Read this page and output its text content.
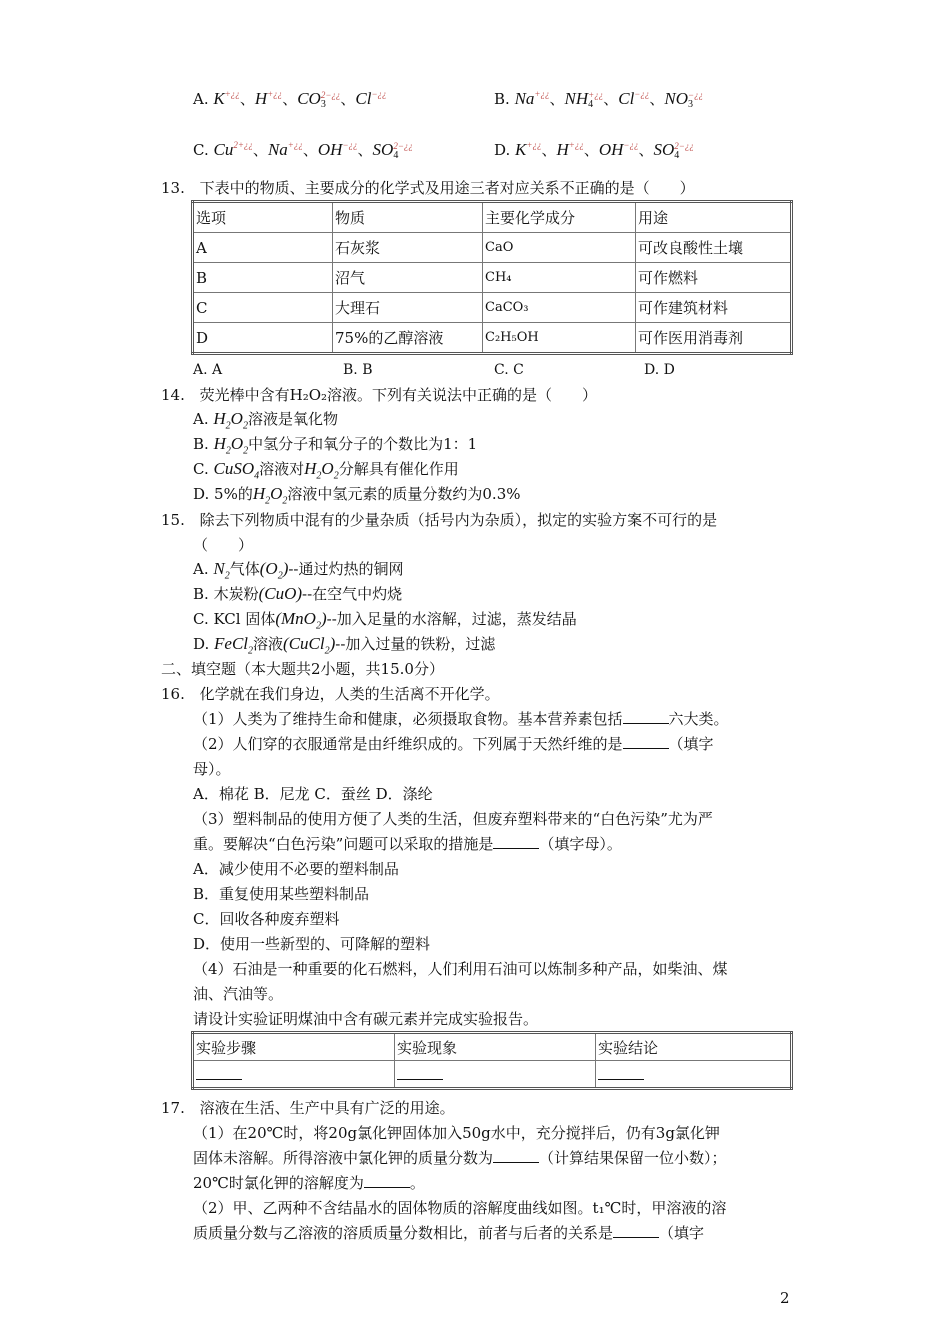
A. K+¿¿、H+¿¿、CO 2−¿¿
3 、Cl−¿¿	B. Na+¿¿、NH +¿¿
4 、Cl−¿¿、NO −¿¿
3
C. $Cu^{2+¿¿}$、Na+¿¿、OH−¿¿、SO 2−¿¿
4	D. K+¿¿、H+¿¿、OH−¿¿、SO 2−¿¿
4
13. 下表中的物质、主要成分的化学式及用途三者对应关系不正确的是（　　）
选项	物质	主要化学成分	用途
A	石灰浆	CaO	可改良酸性土壤
B	沼气	CH₄	可作燃料
C	大理石	CaCO₃	可作建筑材料
D	75%的乙醇溶液	C₂H₅OH	可作医用消毒剂
A. A	B. B	C. C	D. D
14. 荧光棒中含有H₂O₂溶液。下列有关说法中正确的是（　　）
A. $H_2O_2$溶液是氧化物
B. $H_2O_2$中氢分子和氧分子的个数比为1：1
C. CuSO$_4$溶液对$H_2O_2$分解具有催化作用
D. 5%的$H_2O_2$溶液中氢元素的质量分数约为0.3%
15. 除去下列物质中混有的少量杂质（括号内为杂质），拟定的实验方案不可行的是
（　　）
A. $N_2$气体$(O_2)--$通过灼热的铜网
B. 木炭粉(CuO)--在空气中灼烧
C. KCl 固体(MnO$_2$)--加入足量的水溶解，过滤，蒸发结晶
D. FeCl$_2$溶液(CuCl$_2$)--加入过量的铁粉，过滤
二、填空题（本大题共2小题，共15.0分）
16. 化学就在我们身边，人类的生活离不开化学。
（1）人类为了维持生命和健康，必须摄取食物。基本营养素包括	六大类。
（2）人们穿的衣服通常是由纤维织成的。下列属于天然纤维的是	（填字
母）。
A．棉花 B．尼龙 C．蚕丝 D．涤纶
（3）塑料制品的使用方便了人类的生活，但废弃塑料带来的“白色污染”尤为严
重。要解决“白色污染”问题可以采取的措施是	（填字母）。
A．减少使用不必要的塑料制品
B．重复使用某些塑料制品
C．回收各种废弃塑料
D．使用一些新型的、可降解的塑料
（4）石油是一种重要的化石燃料，人们利用石油可以炼制多种产品，如柴油、煤
油、汽油等。
请设计实验证明煤油中含有碳元素并完成实验报告。
实验步骤	实验现象	实验结论

17. 溶液在生活、生产中具有广泛的用途。
（1）在20℃时，将20g氯化钾固体加入50g水中，充分搅拌后，仍有3g氯化钾
固体未溶解。所得溶液中氯化钾的质量分数为	（计算结果保留一位小数）；
20℃时氯化钾的溶解度为	。
（2）甲、乙两种不含结晶水的固体物质的溶解度曲线如图。t₁℃时，甲溶液的溶
质质量分数与乙溶液的溶质质量分数相比，前者与后者的关系是	（填字
2
